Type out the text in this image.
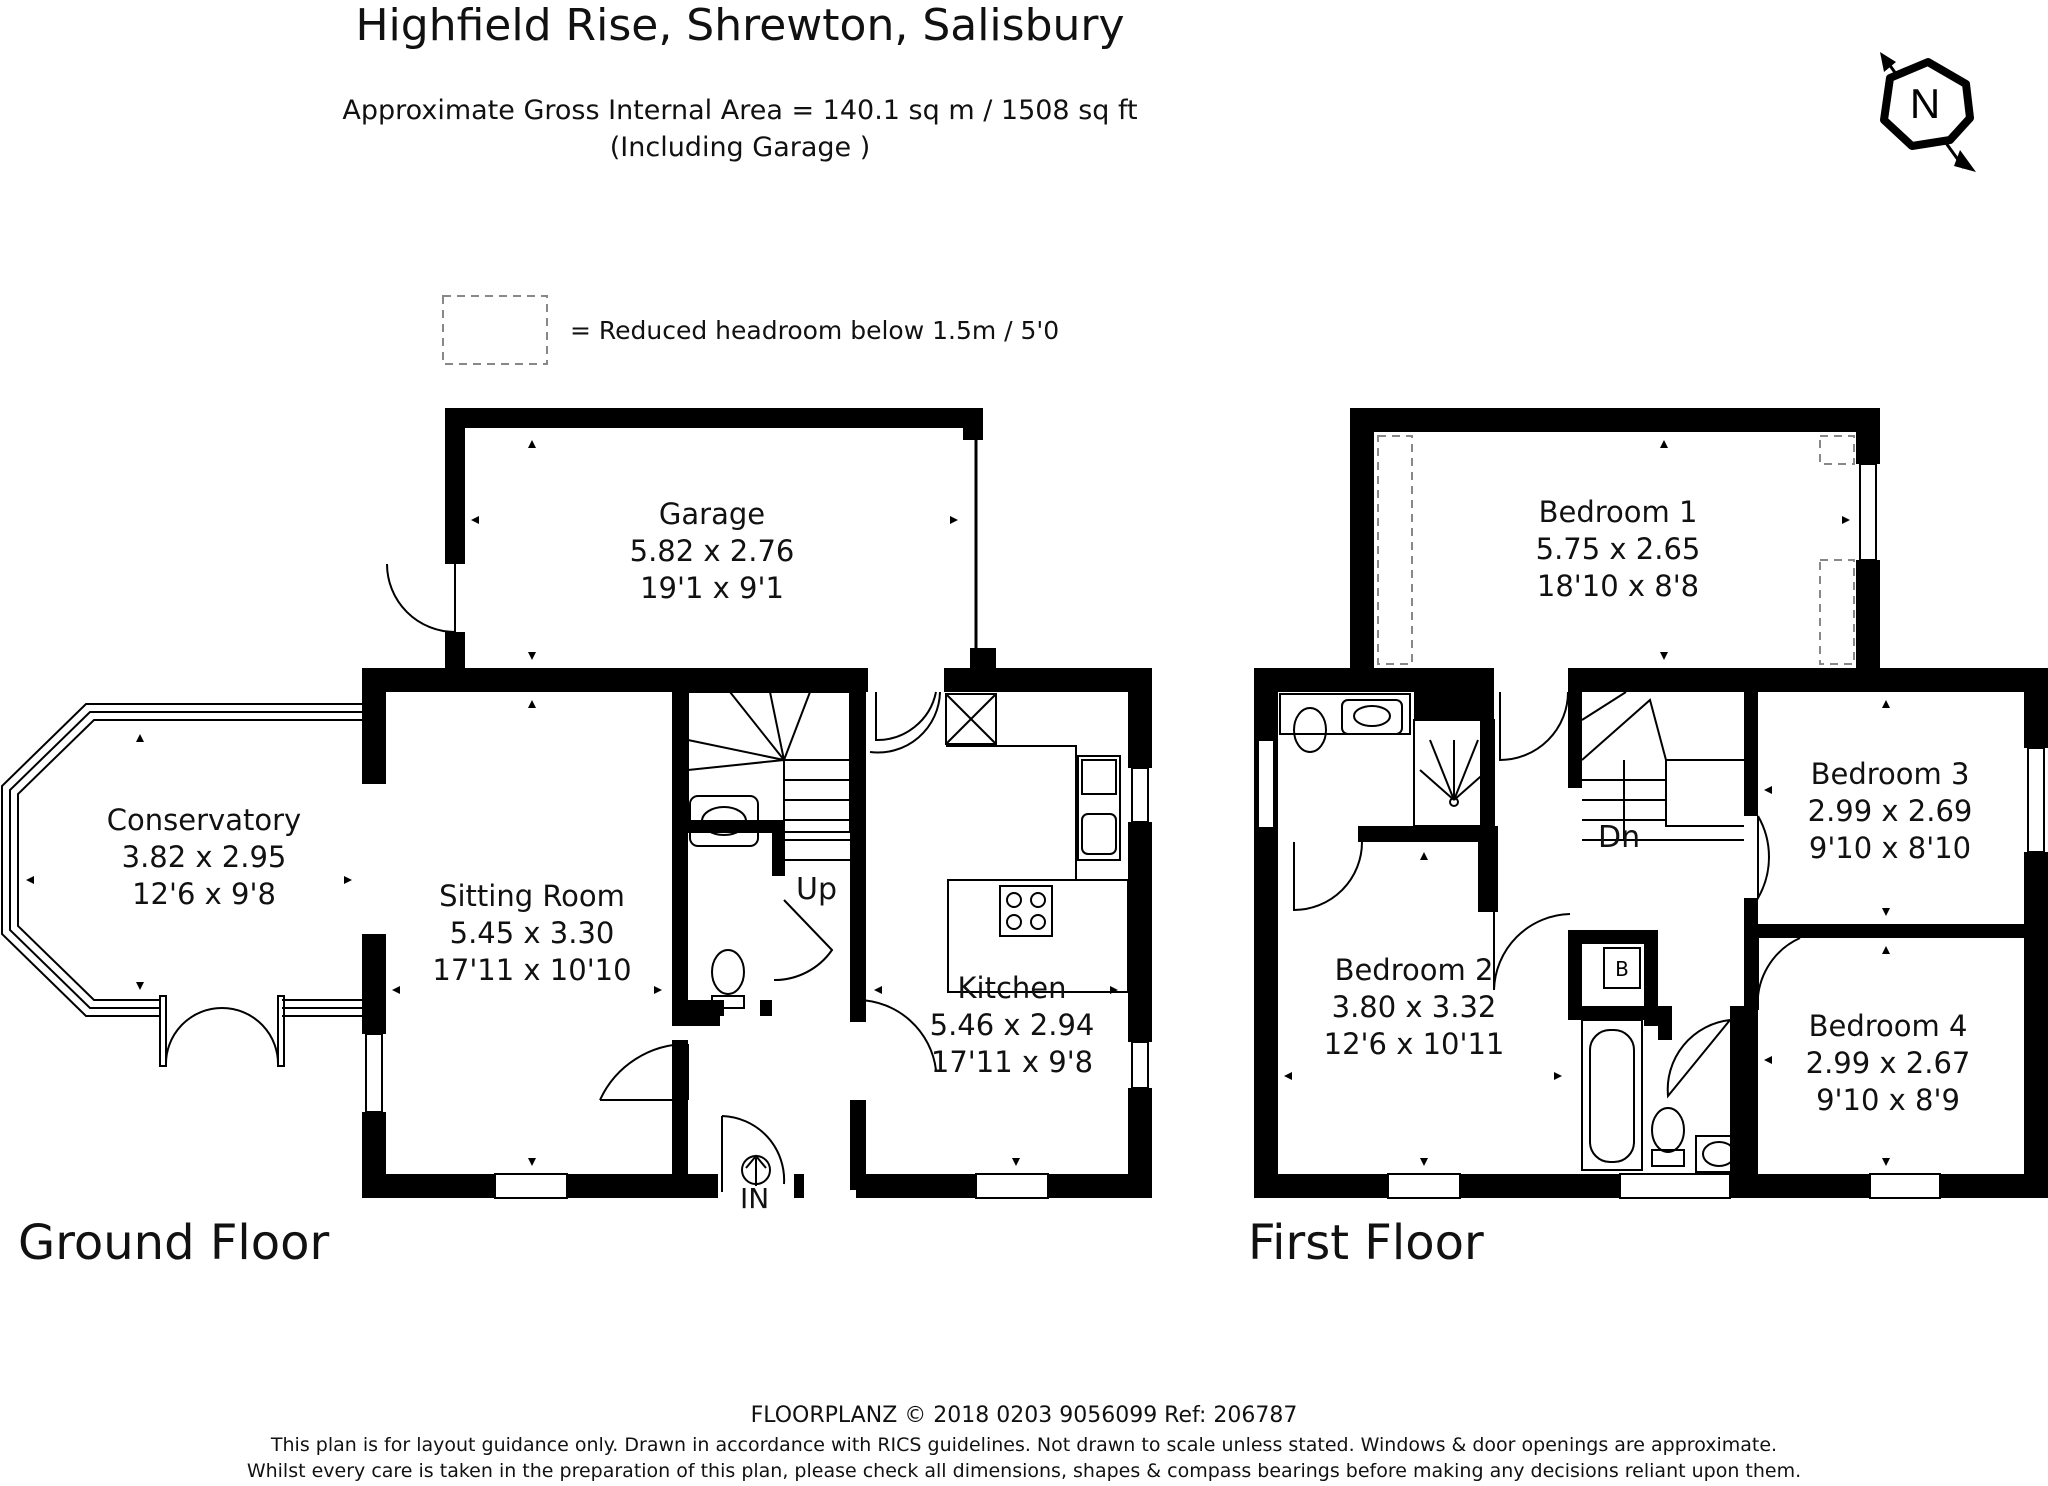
Highfield Rise, Shrewton, Salisbury
Approximate Gross Internal Area = 140.1 sq m / 1508 sq ft
(Including Garage )
= Reduced headroom below 1.5m / 5'0
Ground Floor	First Floor
N
B
Garage
5.82 x 2.76
19'1 x 9'1
Conservatory
3.82 x 2.95
12'6 x 9'8	Sitting Room
5.45 x 3.30
17'11 x 10'10
Kitchen
5.46 x 2.94
17'11 x 9'8
Up
IN
Bedroom 1
5.75 x 2.65
18'10 x 8'8
Bedroom 2
3.80 x 3.32
12'6 x 10'11
Bedroom 3
2.99 x 2.69
9'10 x 8'10
Bedroom 4
2.99 x 2.67
9'10 x 8'9
Dn
FLOORPLANZ © 2018 0203 9056099 Ref: 206787
This plan is for layout guidance only. Drawn in accordance with RICS guidelines. Not drawn to scale unless stated. Windows & door openings are approximate.
Whilst every care is taken in the preparation of this plan, please check all dimensions, shapes & compass bearings before making any decisions reliant upon them.
